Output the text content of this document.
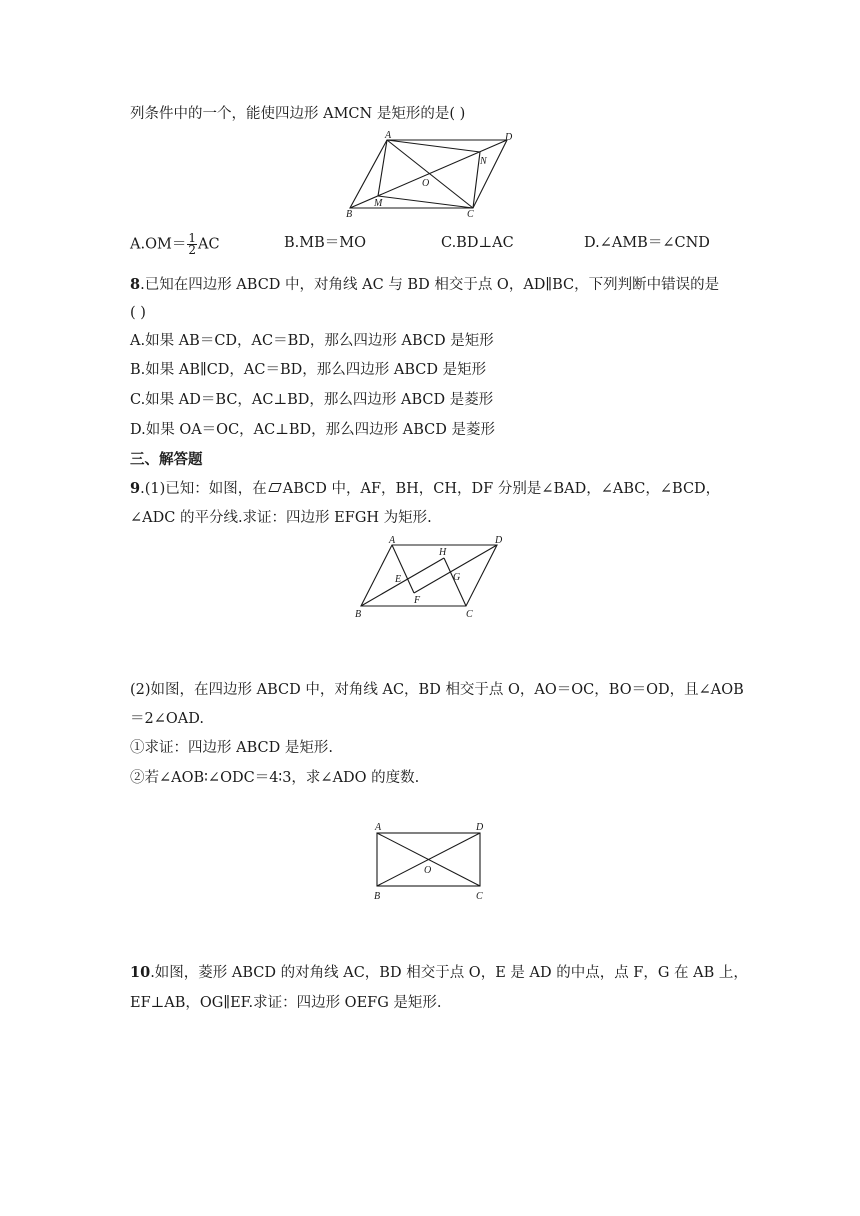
列条件中的一个，能使四边形 AMCN 是矩形的是( )
A	D
N
O
M
B	C
$A.OM= \frac{1}{2}$ AC	B.MB＝MO	C.BD⊥AC	D.∠AMB＝∠CND
8.已知在四边形 ABCD 中，对角线 AC 与 BD 相交于点 O，AD∥BC，下列判断中错误的是
( )
A.如果 AB＝CD，AC＝BD，那么四边形 ABCD 是矩形
B.如果 AB∥CD，AC＝BD，那么四边形 ABCD 是矩形
C.如果 AD＝BC，AC⊥BD，那么四边形 ABCD 是菱形
D.如果 OA＝OC，AC⊥BD，那么四边形 ABCD 是菱形
三、解答题
9.(1)已知：如图，在 ABCD 中，AF，BH，CH，DF 分别是∠BAD，∠ABC，∠BCD，
∠ADC 的平分线.求证：四边形 EFGH 为矩形.
A	D
H
E	G
F
B	C
(2)如图，在四边形 ABCD 中，对角线 AC，BD 相交于点 O，AO＝OC，BO＝OD，且∠AOB
＝2∠OAD.
①求证：四边形 ABCD 是矩形.
②若∠AOB∶∠ODC＝4∶3，求∠ADO 的度数.
A	D
O
B	C
10.如图，菱形 ABCD 的对角线 AC，BD 相交于点 O，E 是 AD 的中点，点 F，G 在 AB 上，
EF⊥AB，OG∥EF.求证：四边形 OEFG 是矩形.
